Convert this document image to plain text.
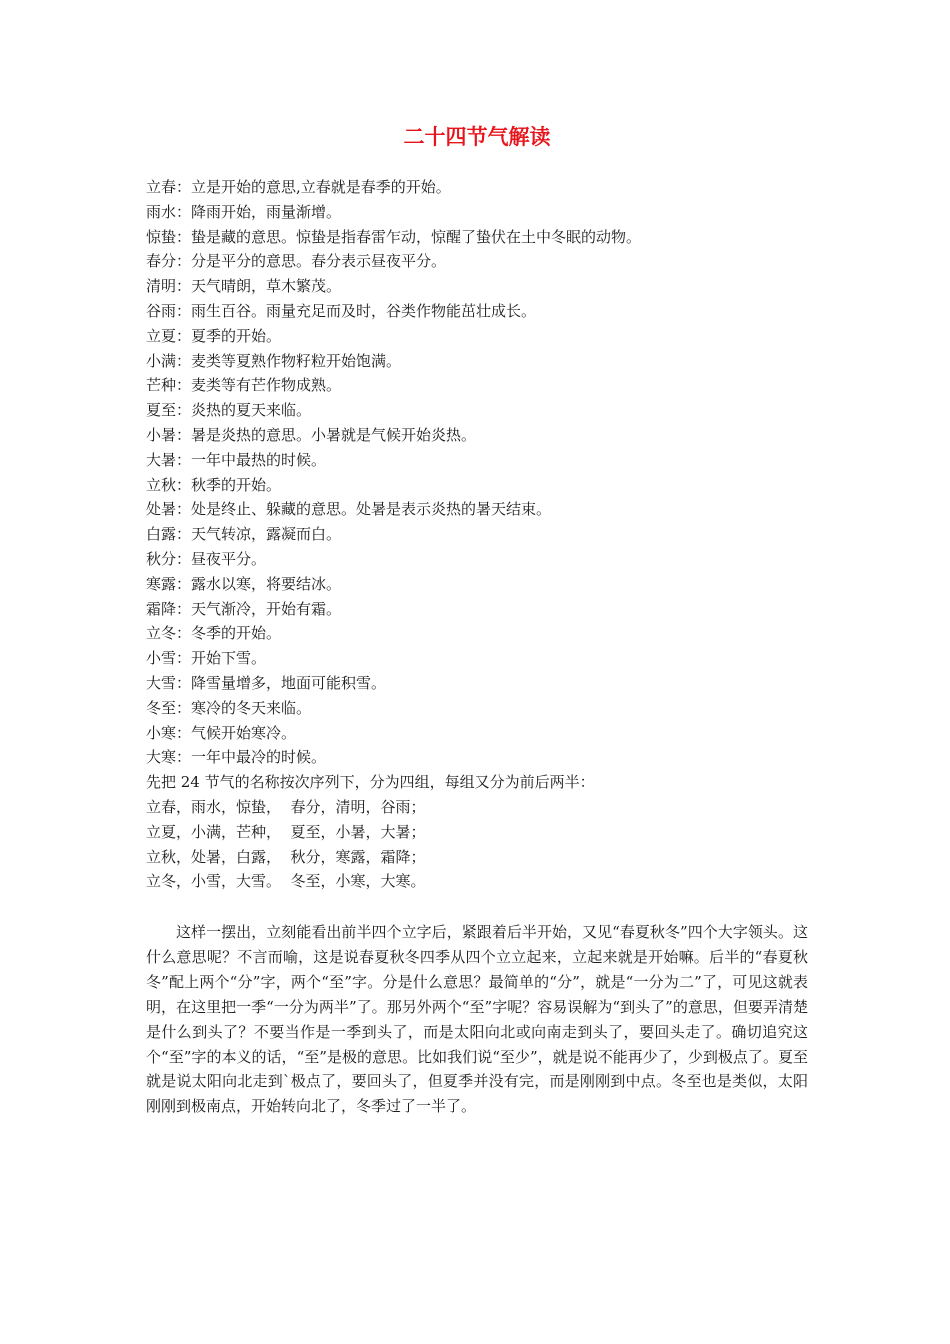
二十四节气解读
立春：立是开始的意思,立春就是春季的开始。
雨水：降雨开始，雨量渐增。
惊蛰：蛰是藏的意思。惊蛰是指春雷乍动，惊醒了蛰伏在土中冬眠的动物。
春分：分是平分的意思。春分表示昼夜平分。
清明：天气晴朗，草木繁茂。
谷雨：雨生百谷。雨量充足而及时，谷类作物能茁壮成长。
立夏：夏季的开始。
小满：麦类等夏熟作物籽粒开始饱满。
芒种：麦类等有芒作物成熟。
夏至：炎热的夏天来临。
小暑：暑是炎热的意思。小暑就是气候开始炎热。
大暑：一年中最热的时候。
立秋：秋季的开始。
处暑：处是终止、躲藏的意思。处暑是表示炎热的暑天结束。
白露：天气转凉，露凝而白。
秋分：昼夜平分。
寒露：露水以寒，将要结冰。
霜降：天气渐冷，开始有霜。
立冬：冬季的开始。
小雪：开始下雪。
大雪：降雪量增多，地面可能积雪。
冬至：寒冷的冬天来临。
小寒：气候开始寒冷。
大寒：一年中最冷的时候。
先把 24 节气的名称按次序列下，分为四组，每组又分为前后两半：
立春，雨水，惊蛰，  春分，清明，谷雨；
立夏，小满，芒种，  夏至，小暑，大暑；
立秋，处暑，白露，  秋分，寒露，霜降；
立冬，小雪，大雪。  冬至，小寒，大寒。
这样一摆出，立刻能看出前半四个立字后，紧跟着后半开始，又见“春夏秋冬”四个大字领头。这什么意思呢？不言而喻，这是说春夏秋冬四季从四个立立起来，立起来就是开始嘛。后半的“春夏秋冬”配上两个“分”字，两个“至”字。分是什么意思？最简单的“分”，就是“一分为二”了，可见这就表明，在这里把一季“一分为两半”了。那另外两个“至”字呢？容易误解为“到头了”的意思，但要弄清楚是什么到头了？不要当作是一季到头了，而是太阳向北或向南走到头了，要回头走了。确切追究这个“至”字的本义的话，“至”是极的意思。比如我们说“至少”，就是说不能再少了，少到极点了。夏至就是说太阳向北走到`极点了，要回头了，但夏季并没有完，而是刚刚到中点。冬至也是类似，太阳刚刚到极南点，开始转向北了，冬季过了一半了。
